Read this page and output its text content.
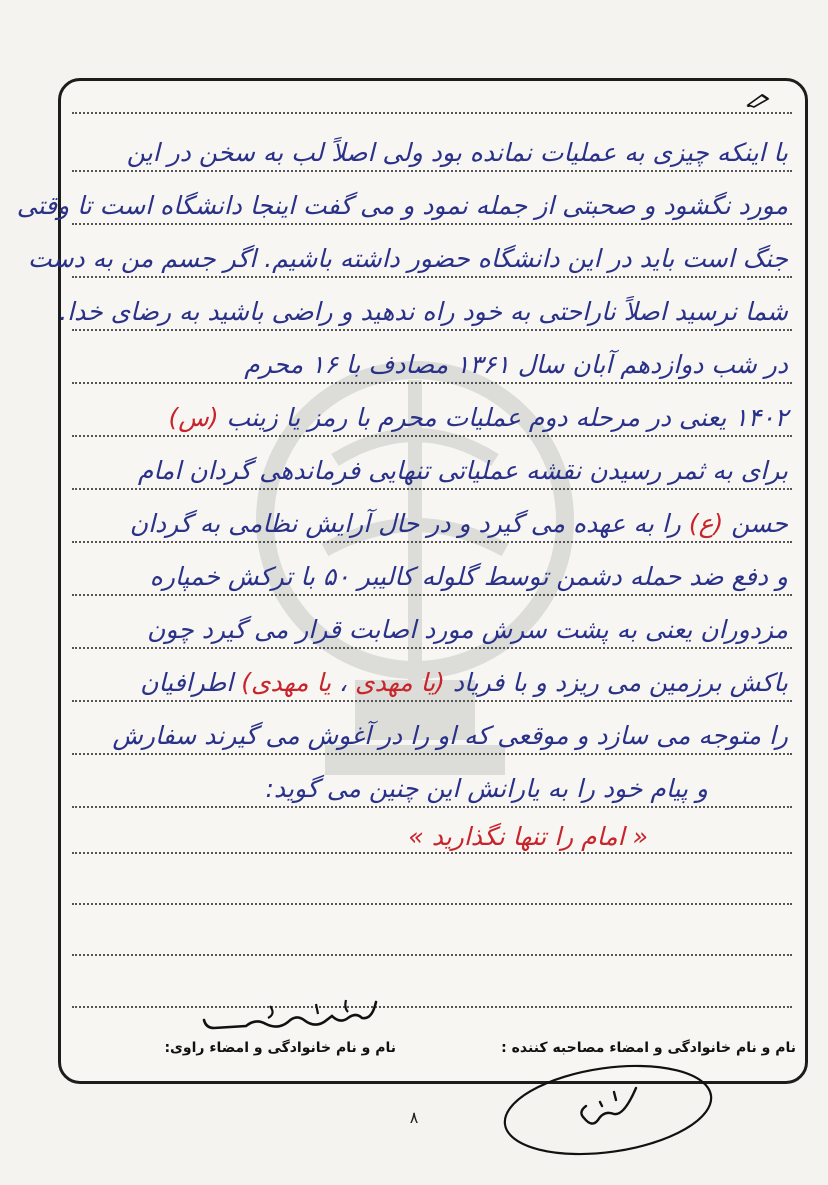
با اینکه چیزی به عملیات نمانده بود ولی اصلاً لب به سخن در این
مورد نگشود و صحبتی از جمله نمود و می گفت اینجا دانشگاه است تا وقتی
جنگ است باید در این دانشگاه حضور داشته باشیم. اگر جسم من به دست
شما نرسید اصلاً ناراحتی به خود راه ندهید و راضی باشید به رضای خدا.
در شب دوازدهم آبان سال ۱۳۶۱ مصادف با ۱۶ محرم
۱۴۰۲ یعنی در مرحله دوم عملیات محرم با رمز یا زینب (س)
برای به ثمر رسیدن نقشه عملیاتی تنهایی فرماندهی گردان امام
حسن (ع) را به عهده می گیرد و در حال آرایش نظامی به گردان
و دفع ضد حمله دشمن توسط گلوله کالیبر ۵۰ با ترکش خمپاره
مزدوران یعنی به پشت سرش مورد اصابت قرار می گیرد چون
باکش برزمین می ریزد و با فریاد (یا مهدی ، یا مهدی) اطرافیان
را متوجه می سازد و موقعی که او را در آغوش می گیرند سفارش
و پیام خود را به یارانش این چنین می گوید:
« امام را تنها نگذارید »
نام و نام خانوادگی و امضاء راوی:	نام و نام خانوادگی و امضاء مصاحبه کننده :
۸
